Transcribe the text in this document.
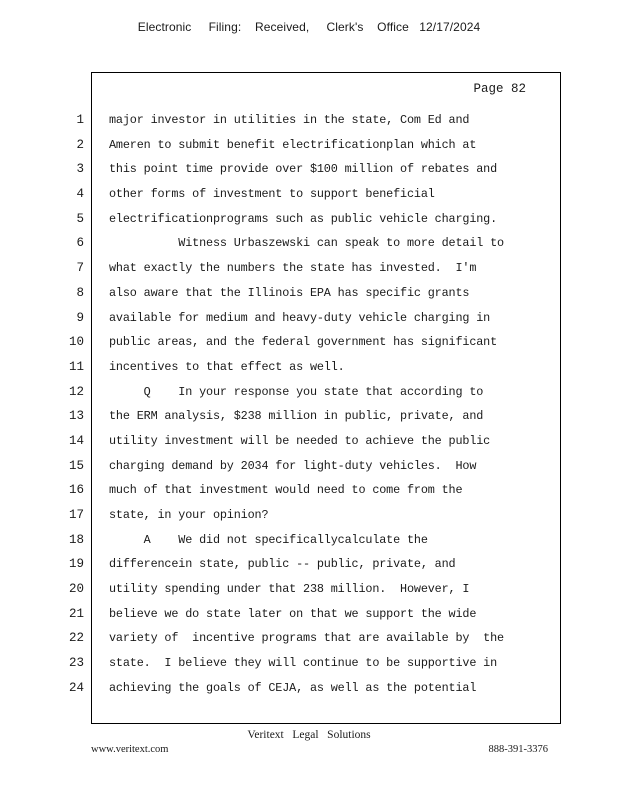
Electronic     Filing:    Received,     Clerk's    Office   12/17/2024
Page 82
1
2
3
4
5
6
7
8
9
10
11
12
13
14
15
16
17
18
19
20
21
22
23
24
major investor in utilities in the state, Com Ed and
Ameren to submit benefit electrificationplan which at
this point time provide over $100 million of rebates and
other forms of investment to support beneficial
electrificationprograms such as public vehicle charging.
Witness Urbaszewski can speak to more detail to
what exactly the numbers the state has invested.  I'm
also aware that the Illinois EPA has specific grants
available for medium and heavy-duty vehicle charging in
public areas, and the federal government has significant
incentives to that effect as well.
Q    In your response you state that according to
the ERM analysis, $238 million in public, private, and
utility investment will be needed to achieve the public
charging demand by 2034 for light-duty vehicles.  How
much of that investment would need to come from the
state, in your opinion?
A    We did not specificallycalculate the
differencein state, public -- public, private, and
utility spending under that 238 million.  However, I
believe we do state later on that we support the wide
variety of  incentive programs that are available by  the
state.  I believe they will continue to be supportive in
achieving the goals of CEJA, as well as the potential
Veritext   Legal   Solutions
www.veritext.com	888-391-3376
